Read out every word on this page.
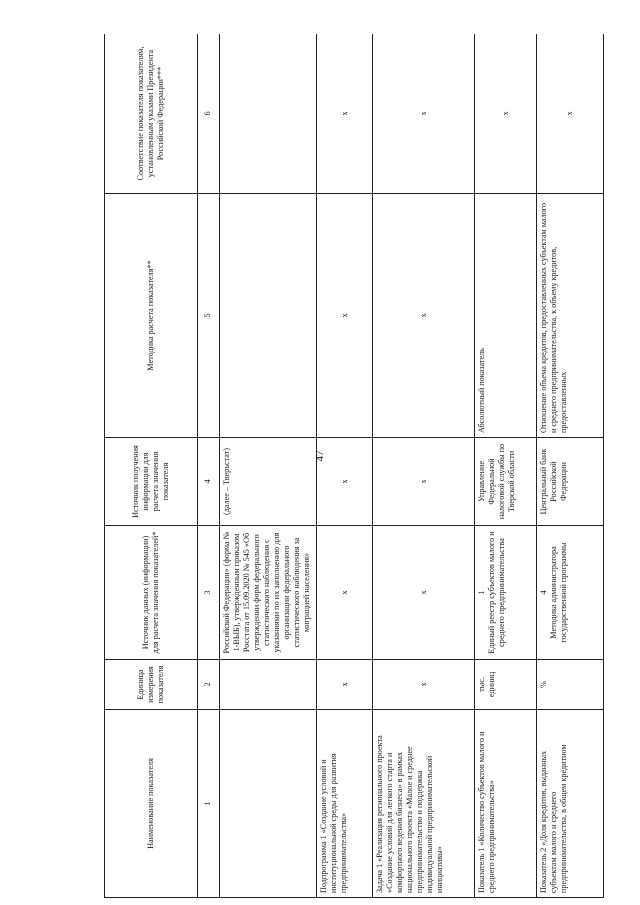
47
Наименование показателя	Единица измерения показателя	Источник данных (информации) для расчета значения показателей*	Источник получения информации для расчета значения показателя	Методика расчета показателя**	Соответствие показателя показателям, установленным указами Президента Российской Федерации***
1	2	3	4	5	6
		Российской Федерации» (форма № 1-ВЫБ), утвержденным приказом Росстата от 15.09.2020 № 545 «Об утверждении форм федерального статистического наблюдения с указаниями по их заполнению для организации федерального статистического наблюдения за миграцией населения»	(далее – Тверьстат)		
Подпрограмма 1 «Создание условий и институциональной среды для развития предпринимательства»	х	х	х	х	х
Задача 1 «Реализация регионального проекта «Создание условий для легкого старта и комфортного ведения бизнеса» в рамках национального проекта «Малое и среднее предпринимательство и поддержка индивидуальной предпринимательской инициативы»	х	х	х	х	х
Показатель 1 «Количество субъектов малого и среднего предпринимательства»	тыс. единиц	1 Единый реестр субъектов малого и среднего предпринимательства	Управление Федеральной налоговой службы по Тверской области	Абсолютный показатель	х
Показатель 2 «Доля кредитов, выданных субъектам малого и среднего предпринимательства, в общем кредитном	%	4 Методика администратора государственной программы	Центральный банк Российской Федерации	Отношение объема кредитов, предоставленных субъектам малого и среднего предпринимательства, к объему кредитов, предоставленных	х
